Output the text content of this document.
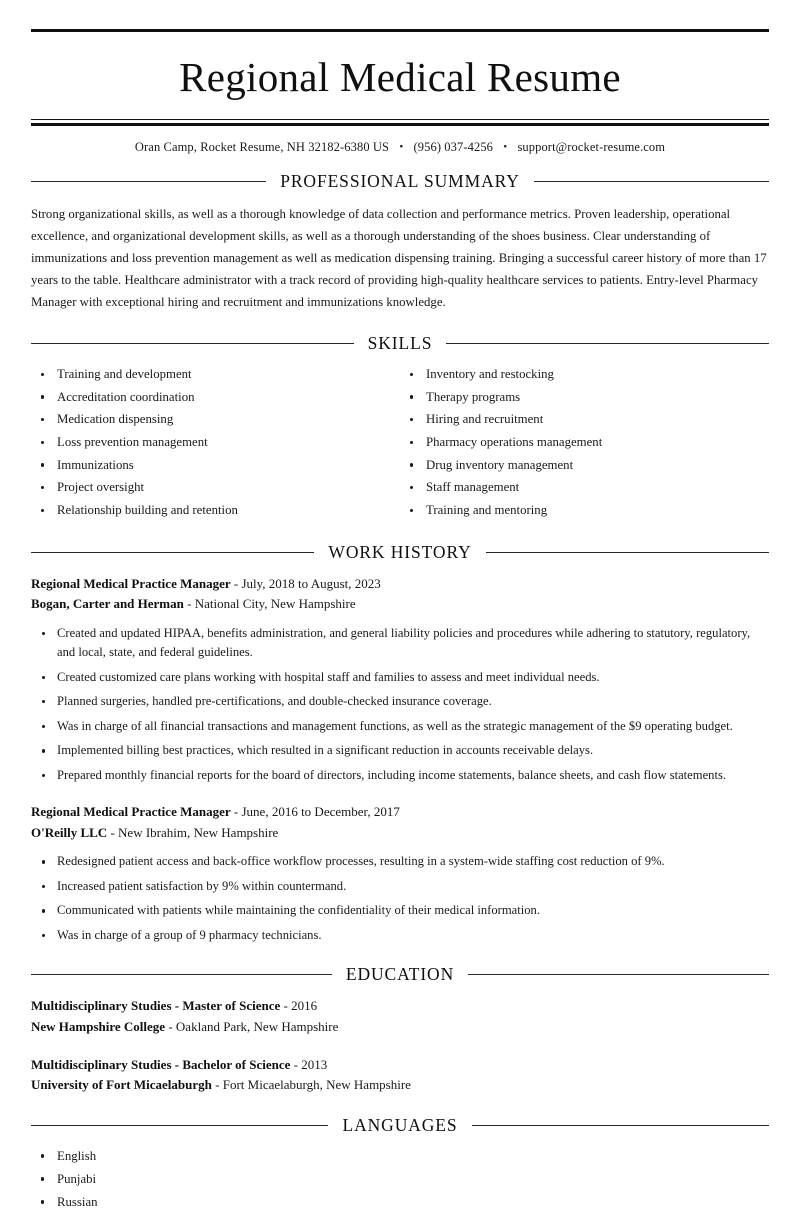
Regional Medical Resume
Oran Camp, Rocket Resume, NH 32182-6380 US • (956) 037-4256 • support@rocket-resume.com
PROFESSIONAL SUMMARY

Strong organizational skills, as well as a thorough knowledge of data collection and performance metrics. Proven leadership, operational excellence, and organizational development skills, as well as a thorough understanding of the shoes business. Clear understanding of immunizations and loss prevention management as well as medication dispensing training. Bringing a successful career history of more than 17 years to the table. Healthcare administrator with a track record of providing high-quality healthcare services to patients. Entry-level Pharmacy Manager with exceptional hiring and recruitment and immunizations knowledge.

SKILLS
Training and development
Accreditation coordination
Medication dispensing
Loss prevention management
Immunizations
Project oversight
Relationship building and retention
Inventory and restocking
Therapy programs
Hiring and recruitment
Pharmacy operations management
Drug inventory management
Staff management
Training and mentoring
WORK HISTORY
Regional Medical Practice Manager - July, 2018 to August, 2023
Bogan, Carter and Herman - National City, New Hampshire
Created and updated HIPAA, benefits administration, and general liability policies and procedures while adhering to statutory, regulatory, and local, state, and federal guidelines.
Created customized care plans working with hospital staff and families to assess and meet individual needs.
Planned surgeries, handled pre-certifications, and double-checked insurance coverage.
Was in charge of all financial transactions and management functions, as well as the strategic management of the $9 operating budget.
Implemented billing best practices, which resulted in a significant reduction in accounts receivable delays.
Prepared monthly financial reports for the board of directors, including income statements, balance sheets, and cash flow statements.
Regional Medical Practice Manager - June, 2016 to December, 2017
O'Reilly LLC - New Ibrahim, New Hampshire
Redesigned patient access and back-office workflow processes, resulting in a system-wide staffing cost reduction of 9%.
Increased patient satisfaction by 9% within countermand.
Communicated with patients while maintaining the confidentiality of their medical information.
Was in charge of a group of 9 pharmacy technicians.
EDUCATION
Multidisciplinary Studies - Master of Science - 2016
New Hampshire College - Oakland Park, New Hampshire
Multidisciplinary Studies - Bachelor of Science - 2013
University of Fort Micaelaburgh - Fort Micaelaburgh, New Hampshire
LANGUAGES
English
Punjabi
Russian
